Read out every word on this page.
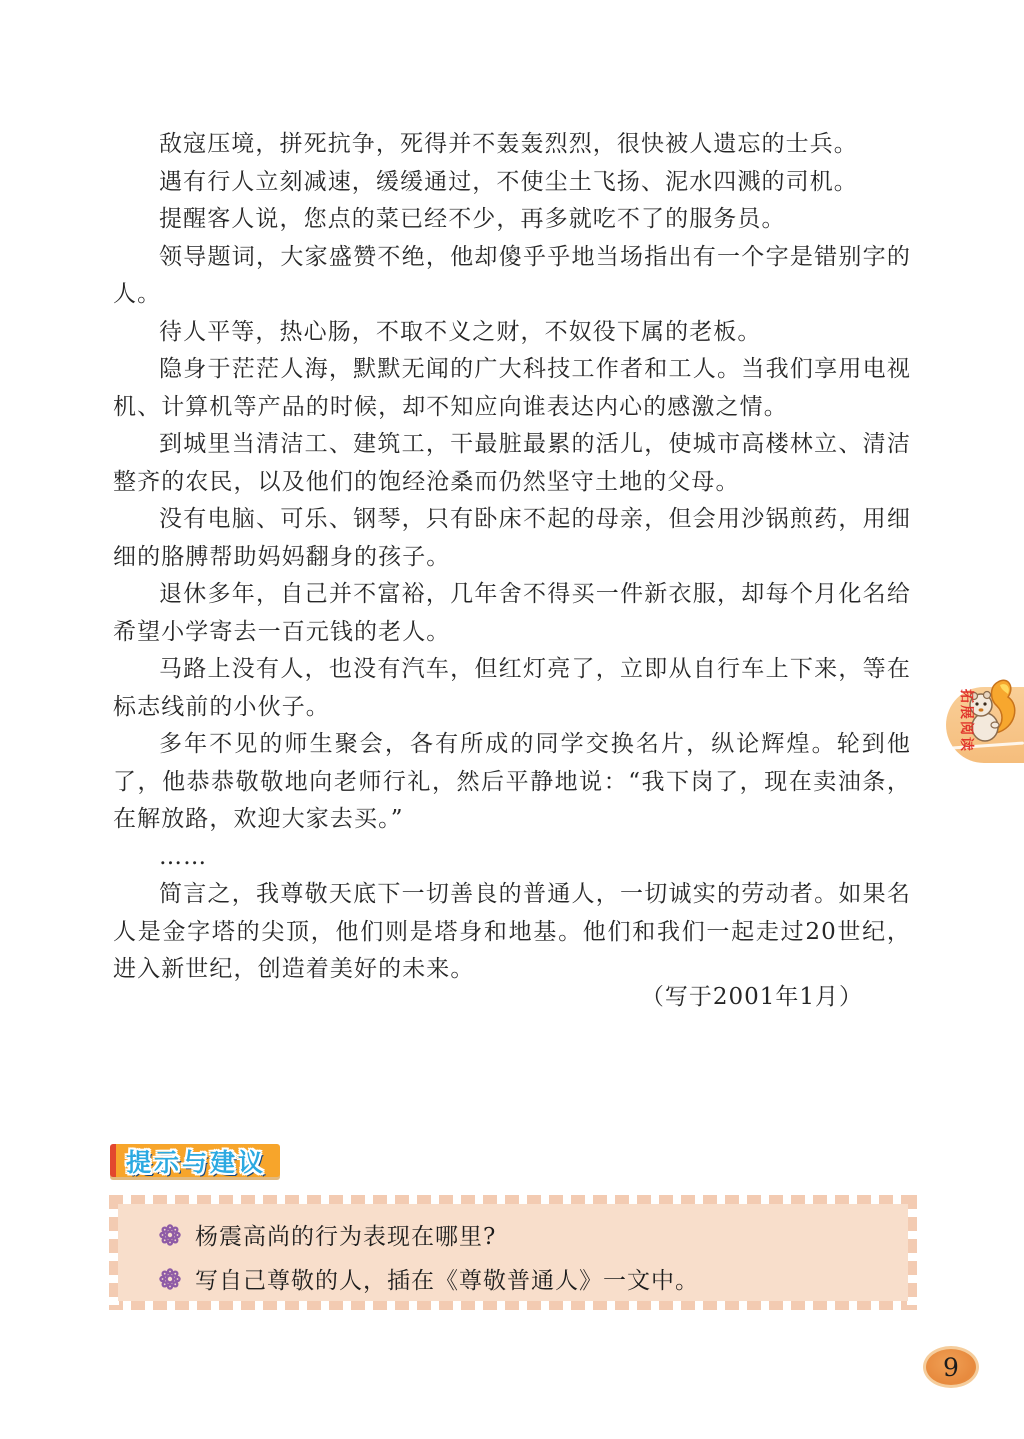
敌寇压境，拼死抗争，死得并不轰轰烈烈，很快被人遗忘的士兵。

遇有行人立刻减速，缓缓通过，不使尘土飞扬、泥水四溅的司机。

提醒客人说，您点的菜已经不少，再多就吃不了的服务员。

领导题词，大家盛赞不绝，他却傻乎乎地当场指出有一个字是错别字的人。

待人平等，热心肠，不取不义之财，不奴役下属的老板。

隐身于茫茫人海，默默无闻的广大科技工作者和工人。当我们享用电视机、计算机等产品的时候，却不知应向谁表达内心的感激之情。

到城里当清洁工、建筑工，干最脏最累的活儿，使城市高楼林立、清洁整齐的农民，以及他们的饱经沧桑而仍然坚守土地的父母。

没有电脑、可乐、钢琴，只有卧床不起的母亲，但会用沙锅煎药，用细细的胳膊帮助妈妈翻身的孩子。

退休多年，自己并不富裕，几年舍不得买一件新衣服，却每个月化名给希望小学寄去一百元钱的老人。

马路上没有人，也没有汽车，但红灯亮了，立即从自行车上下来，等在标志线前的小伙子。

多年不见的师生聚会，各有所成的同学交换名片，纵论辉煌。轮到他了，他恭恭敬敬地向老师行礼，然后平静地说：“我下岗了，现在卖油条，在解放路，欢迎大家去买。”

……

简言之，我尊敬天底下一切善良的普通人，一切诚实的劳动者。如果名人是金字塔的尖顶，他们则是塔身和地基。他们和我们一起走过20世纪，进入新世纪，创造着美好的未来。

（写于2001年1月）
提示与建议
杨震高尚的行为表现在哪里?
写自己尊敬的人，插在《尊敬普通人》一文中。
拓展阅读
9
